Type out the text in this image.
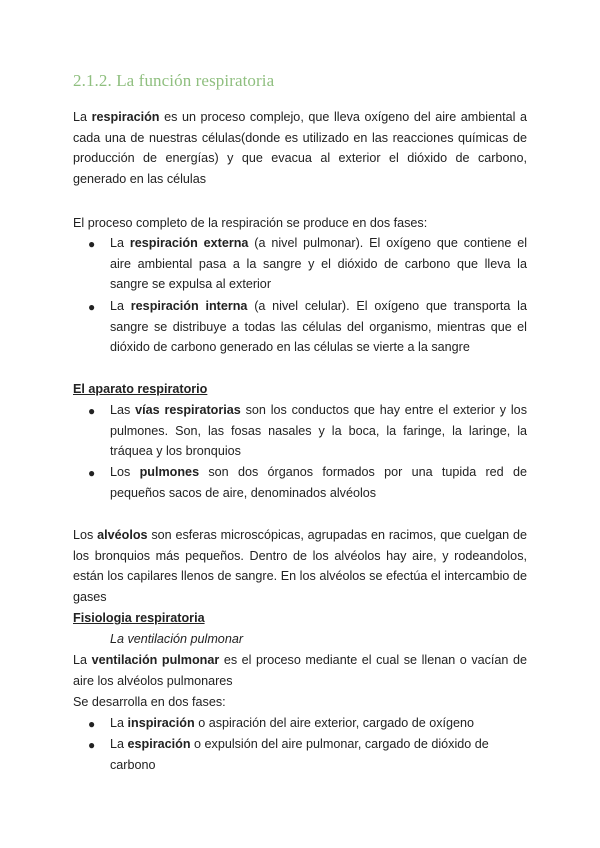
2.1.2. La función respiratoria
La respiración es un proceso complejo, que lleva oxígeno del aire ambiental a cada una de nuestras células(donde es utilizado en las reacciones químicas de producción de energías) y que evacua al exterior el dióxido de carbono, generado en las células
El proceso completo de la respiración se produce en dos fases:
● La respiración externa (a nivel pulmonar). El oxígeno que contiene el aire ambiental pasa a la sangre y el dióxido de carbono que lleva la sangre se expulsa al exterior
● La respiración interna (a nivel celular). El oxígeno que transporta la sangre se distribuye a todas las células del organismo, mientras que el dióxido de carbono generado en las células se vierte a la sangre
El aparato respiratorio
● Las vías respiratorias son los conductos que hay entre el exterior y los pulmones. Son, las fosas nasales y la boca, la faringe, la laringe, la tráquea y los bronquios
● Los pulmones son dos órganos formados por una tupida red de pequeños sacos de aire, denominados alvéolos
Los alvéolos son esferas microscópicas, agrupadas en racimos, que cuelgan de los bronquios más pequeños. Dentro de los alvéolos hay aire, y rodeandolos, están los capilares llenos de sangre. En los alvéolos se efectúa el intercambio de gases
Fisiologia respiratoria
La ventilación pulmonar
La ventilación pulmonar es el proceso mediante el cual se llenan o vacían de aire los alvéolos pulmonares
Se desarrolla en dos fases:
● La inspiración o aspiración del aire exterior, cargado de oxígeno
● La espiración o expulsión del aire pulmonar, cargado de dióxido de carbono
